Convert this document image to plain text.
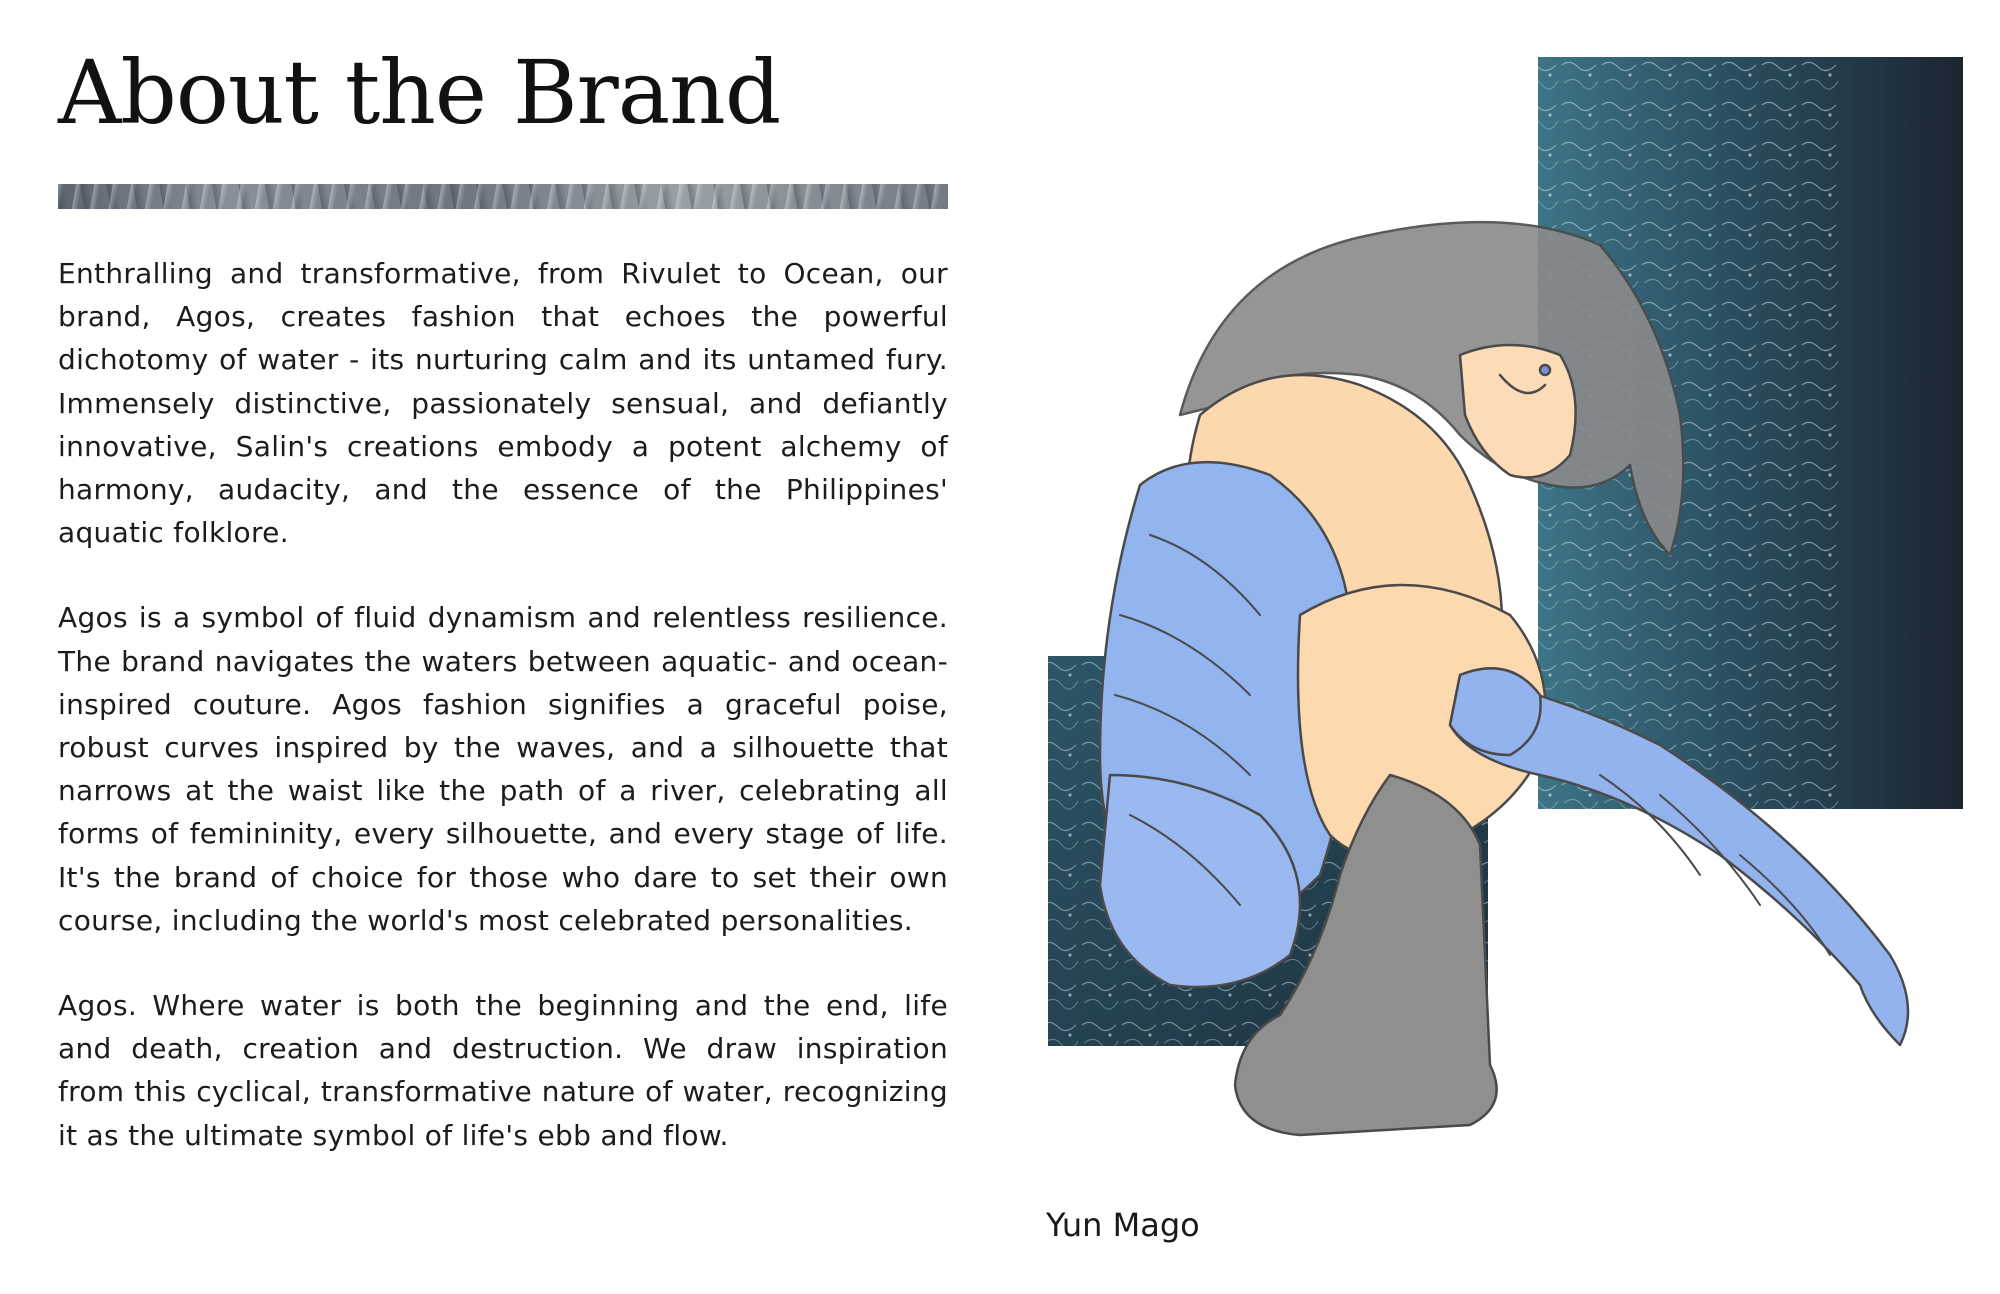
About the Brand

Enthralling and transformative, from Rivulet to Ocean, our brand, Agos, creates fashion that echoes the powerful dichotomy of water - its nurturing calm and its untamed fury. Immensely distinctive, passionately sensual, and defiantly innovative, Salin's creations embody a potent alchemy of harmony, audacity, and the essence of the Philippines' aquatic folklore.

Agos is a symbol of fluid dynamism and relentless resilience. The brand navigates the waters between aquatic- and ocean-inspired couture. Agos fashion signifies a graceful poise, robust curves inspired by the waves, and a silhouette that narrows at the waist like the path of a river, celebrating all forms of femininity, every silhouette, and every stage of life. It's the brand of choice for those who dare to set their own course, including the world's most celebrated personalities.

Agos. Where water is both the beginning and the end, life and death, creation and destruction. We draw inspiration from this cyclical, transformative nature of water, recognizing it as the ultimate symbol of life's ebb and flow.

Yun Mago
